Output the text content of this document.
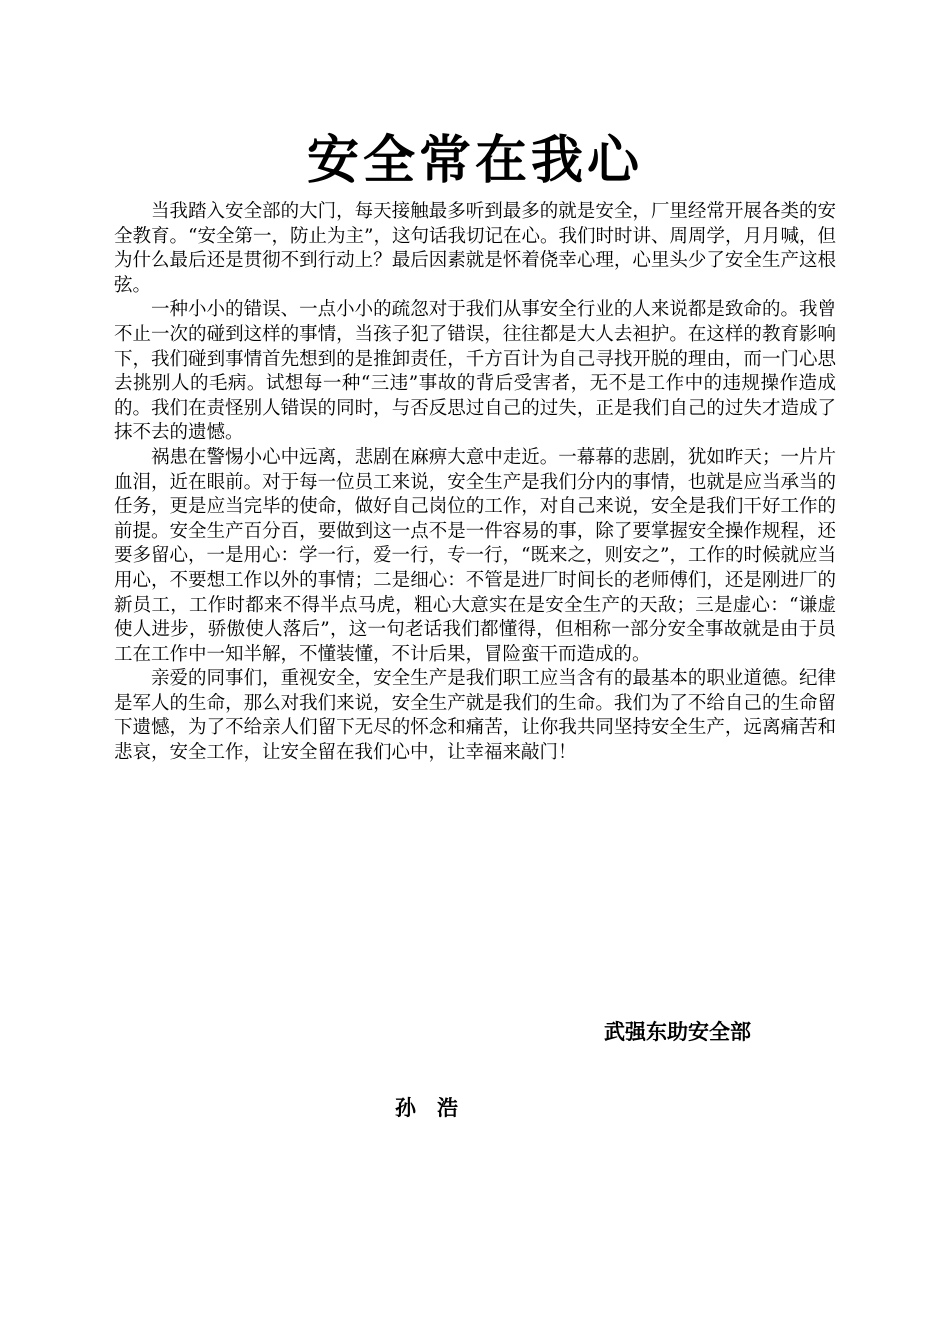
安全常在我心

当我踏入安全部的大门，每天接触最多听到最多的就是安全，厂里经常开展各类的安全教育。“安全第一，防止为主”，这句话我切记在心。我们时时讲、周周学，月月喊，但为什么最后还是贯彻不到行动上？最后因素就是怀着侥幸心理，心里头少了安全生产这根弦。

一种小小的错误、一点小小的疏忽对于我们从事安全行业的人来说都是致命的。我曾不止一次的碰到这样的事情，当孩子犯了错误，往往都是大人去袒护。在这样的教育影响下，我们碰到事情首先想到的是推卸责任，千方百计为自己寻找开脱的理由，而一门心思去挑别人的毛病。试想每一种“三违”事故的背后受害者，无不是工作中的违规操作造成的。我们在责怪别人错误的同时，与否反思过自己的过失，正是我们自己的过失才造成了抹不去的遗憾。

祸患在警惕小心中远离，悲剧在麻痹大意中走近。一幕幕的悲剧，犹如昨天；一片片血泪，近在眼前。对于每一位员工来说，安全生产是我们分内的事情，也就是应当承当的任务，更是应当完毕的使命，做好自己岗位的工作，对自己来说，安全是我们干好工作的前提。安全生产百分百，要做到这一点不是一件容易的事，除了要掌握安全操作规程，还要多留心，一是用心：学一行，爱一行，专一行，“既来之，则安之”，工作的时候就应当用心，不要想工作以外的事情；二是细心：不管是进厂时间长的老师傅们，还是刚进厂的新员工，工作时都来不得半点马虎，粗心大意实在是安全生产的天敌；三是虚心：“谦虚使人进步，骄傲使人落后”，这一句老话我们都懂得，但相称一部分安全事故就是由于员工在工作中一知半解，不懂装懂，不计后果，冒险蛮干而造成的。

亲爱的同事们，重视安全，安全生产是我们职工应当含有的最基本的职业道德。纪律是军人的生命，那么对我们来说，安全生产就是我们的生命。我们为了不给自己的生命留下遗憾，为了不给亲人们留下无尽的怀念和痛苦，让你我共同坚持安全生产，远离痛苦和悲哀，安全工作，让安全留在我们心中，让幸福来敲门！

武强东助安全部
孙　浩
